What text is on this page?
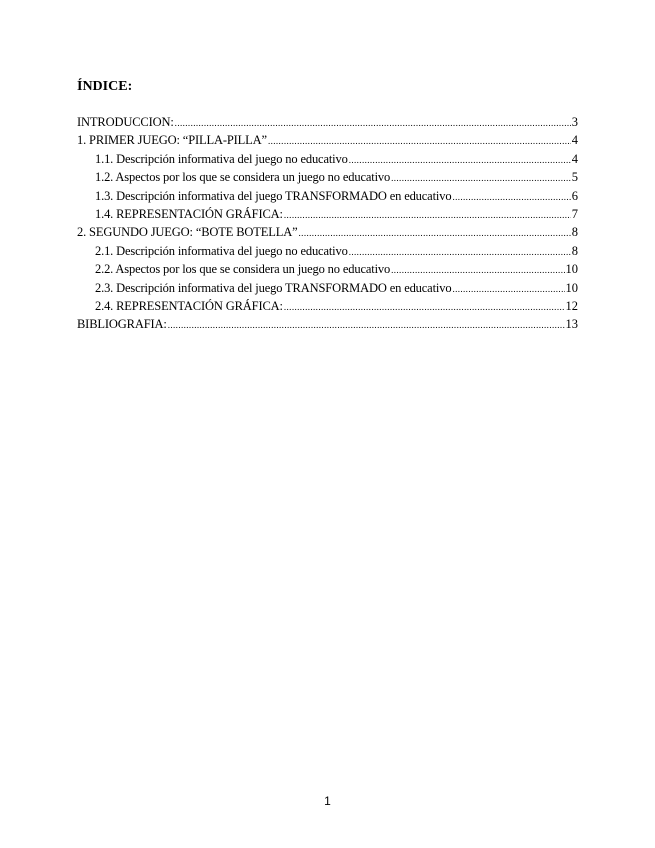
ÍNDICE:
INTRODUCCION: .....	3
1. PRIMER JUEGO: “PILLA-PILLA” .....	4
1.1. Descripción informativa del juego no educativo .....	4
1.2. Aspectos por los que se considera un juego no educativo .....	5
1.3. Descripción informativa del juego TRANSFORMADO en educativo .....	6
1.4. REPRESENTACIÓN GRÁFICA: .....	7
2. SEGUNDO JUEGO: “BOTE BOTELLA” .....	8
2.1. Descripción informativa del juego no educativo .....	8
2.2. Aspectos por los que se considera un juego no educativo .....	10
2.3. Descripción informativa del juego TRANSFORMADO en educativo .....	10
2.4. REPRESENTACIÓN GRÁFICA: .....	12
BIBLIOGRAFIA: .....	13
1
